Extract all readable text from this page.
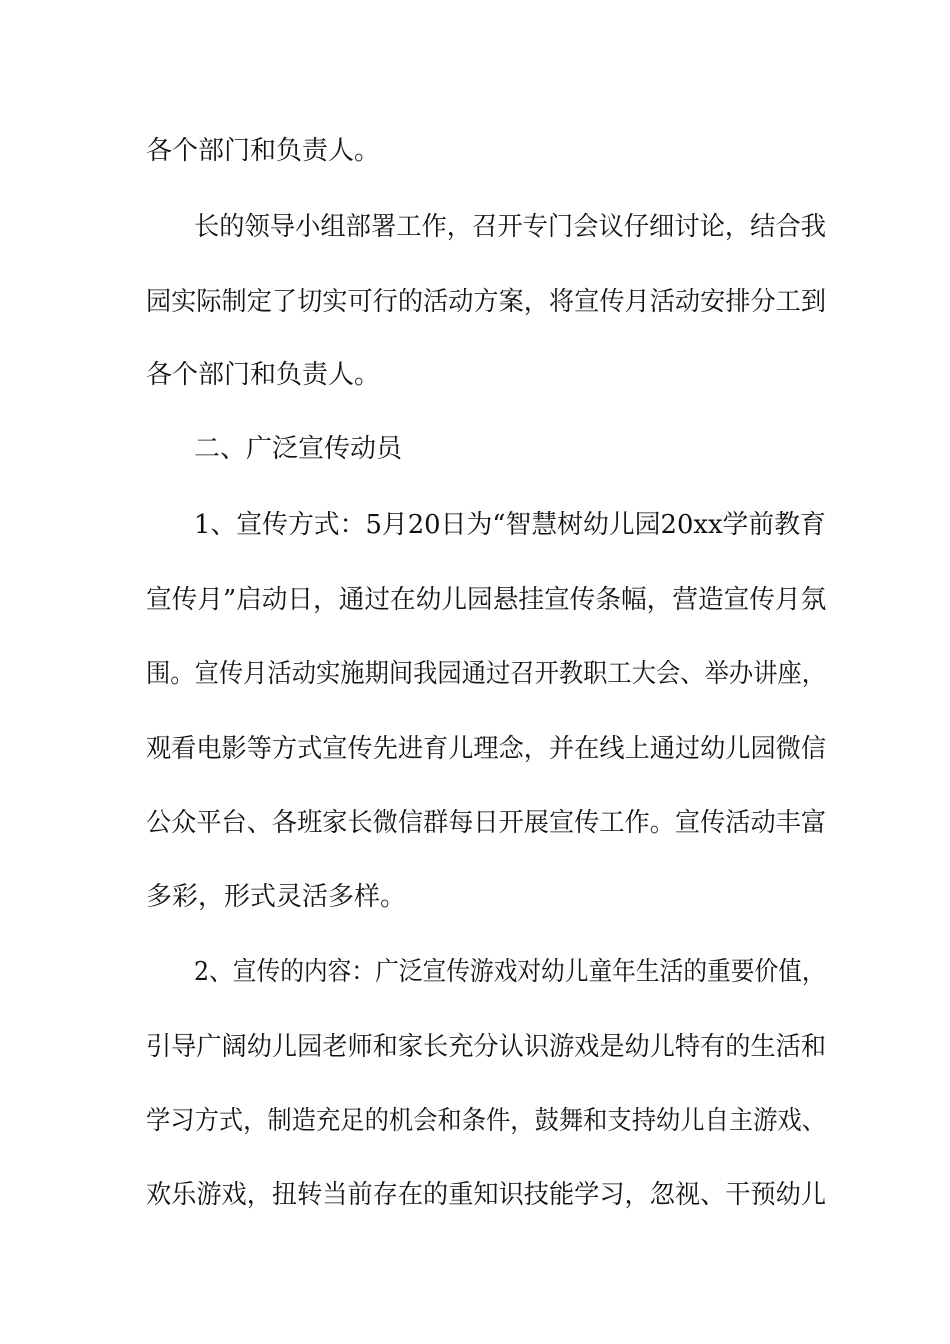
各个部门和负责人。
长的领导小组部署工作，召开专门会议仔细讨论，结合我
园实际制定了切实可行的活动方案，将宣传月活动安排分工到
各个部门和负责人。
二、广泛宣传动员
1、宣传方式：5月20日为“智慧树幼儿园20xx学前教育
宣传月”启动日，通过在幼儿园悬挂宣传条幅，营造宣传月氛
围。宣传月活动实施期间我园通过召开教职工大会、举办讲座，
观看电影等方式宣传先进育儿理念，并在线上通过幼儿园微信
公众平台、各班家长微信群每日开展宣传工作。宣传活动丰富
多彩，形式灵活多样。
2、宣传的内容：广泛宣传游戏对幼儿童年生活的重要价值，
引导广阔幼儿园老师和家长充分认识游戏是幼儿特有的生活和
学习方式，制造充足的机会和条件，鼓舞和支持幼儿自主游戏、
欢乐游戏，扭转当前存在的重知识技能学习，忽视、干预幼儿
